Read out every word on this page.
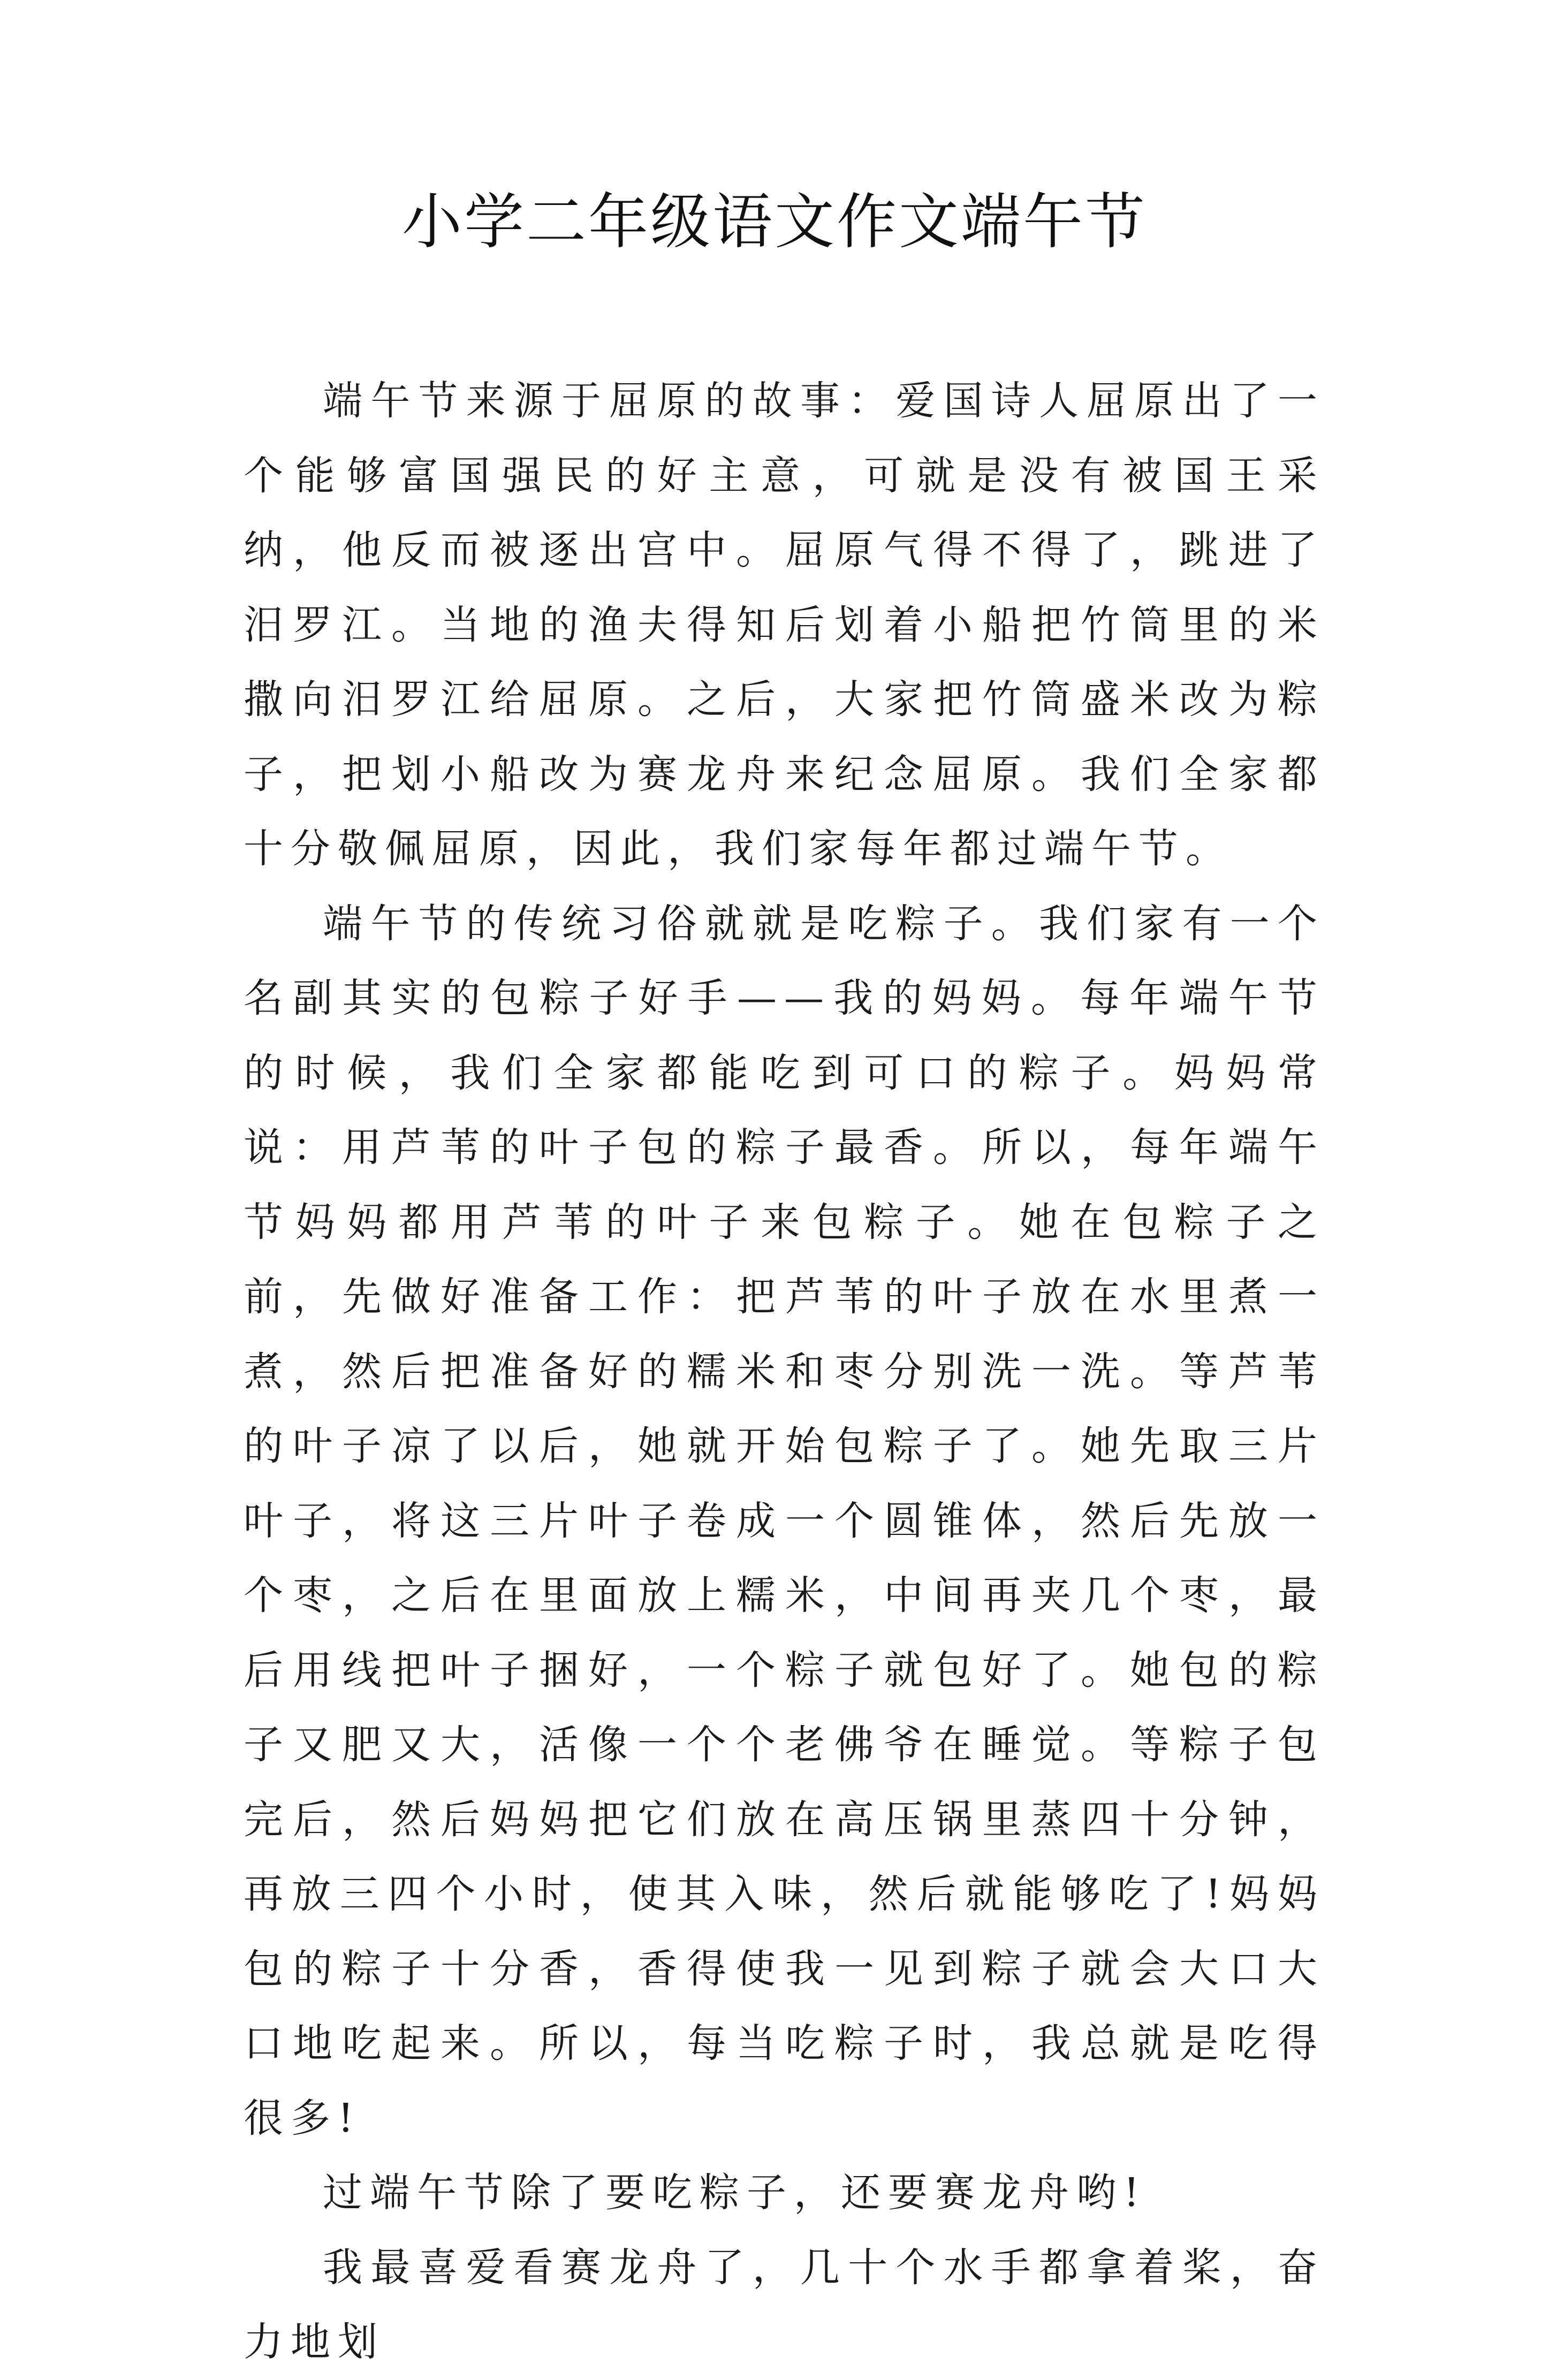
小学二年级语文作文端午节

端午节来源于屈原的故事：爱国诗人屈原出了一个能够富国强民的好主意，可就是没有被国王采纳，他反而被逐出宫中。屈原气得不得了，跳进了汨罗江。当地的渔夫得知后划着小船把竹筒里的米撒向汨罗江给屈原。之后，大家把竹筒盛米改为粽子，把划小船改为赛龙舟来纪念屈原。我们全家都十分敬佩屈原，因此，我们家每年都过端午节。

端午节的传统习俗就就是吃粽子。我们家有一个名副其实的包粽子好手——我的妈妈。每年端午节的时候，我们全家都能吃到可口的粽子。妈妈常说：用芦苇的叶子包的粽子最香。所以，每年端午节妈妈都用芦苇的叶子来包粽子。她在包粽子之前，先做好准备工作：把芦苇的叶子放在水里煮一煮，然后把准备好的糯米和枣分别洗一洗。等芦苇的叶子凉了以后，她就开始包粽子了。她先取三片叶子，将这三片叶子卷成一个圆锥体，然后先放一个枣，之后在里面放上糯米，中间再夹几个枣，最后用线把叶子捆好，一个粽子就包好了。她包的粽子又肥又大，活像一个个老佛爷在睡觉。等粽子包完后，然后妈妈把它们放在高压锅里蒸四十分钟，再放三四个小时，使其入味，然后就能够吃了!妈妈包的粽子十分香，香得使我一见到粽子就会大口大口地吃起来。所以，每当吃粽子时，我总就是吃得很多!

过端午节除了要吃粽子，还要赛龙舟哟!

我最喜爱看赛龙舟了，几十个水手都拿着桨，奋力地划
